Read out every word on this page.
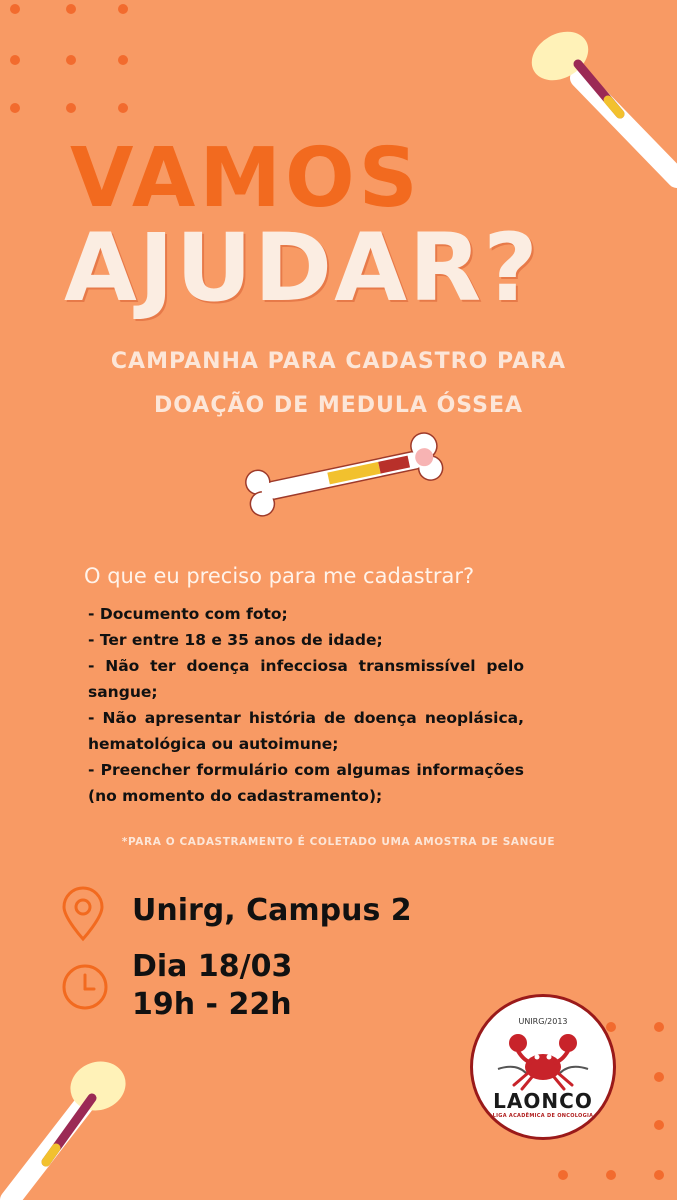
VAMOS
AJUDAR?
CAMPANHA PARA CADASTRO PARA
DOAÇÃO DE MEDULA ÓSSEA
O que eu preciso para me cadastrar?

- Documento com foto;

- Ter entre 18 e 35 anos de idade;

- Não ter doença infecciosa transmissível pelo sangue;

- Não apresentar história de doença neoplásica, hematológica ou autoimune;

- Preencher formulário com algumas informações (no momento do cadastramento);

*PARA O CADASTRAMENTO É COLETADO UMA AMOSTRA DE SANGUE
Unirg, Campus 2
Dia 18/03
19h - 22h	UNIRG/2013
LAONCO
LIGA ACADÊMICA DE ONCOLOGIA
